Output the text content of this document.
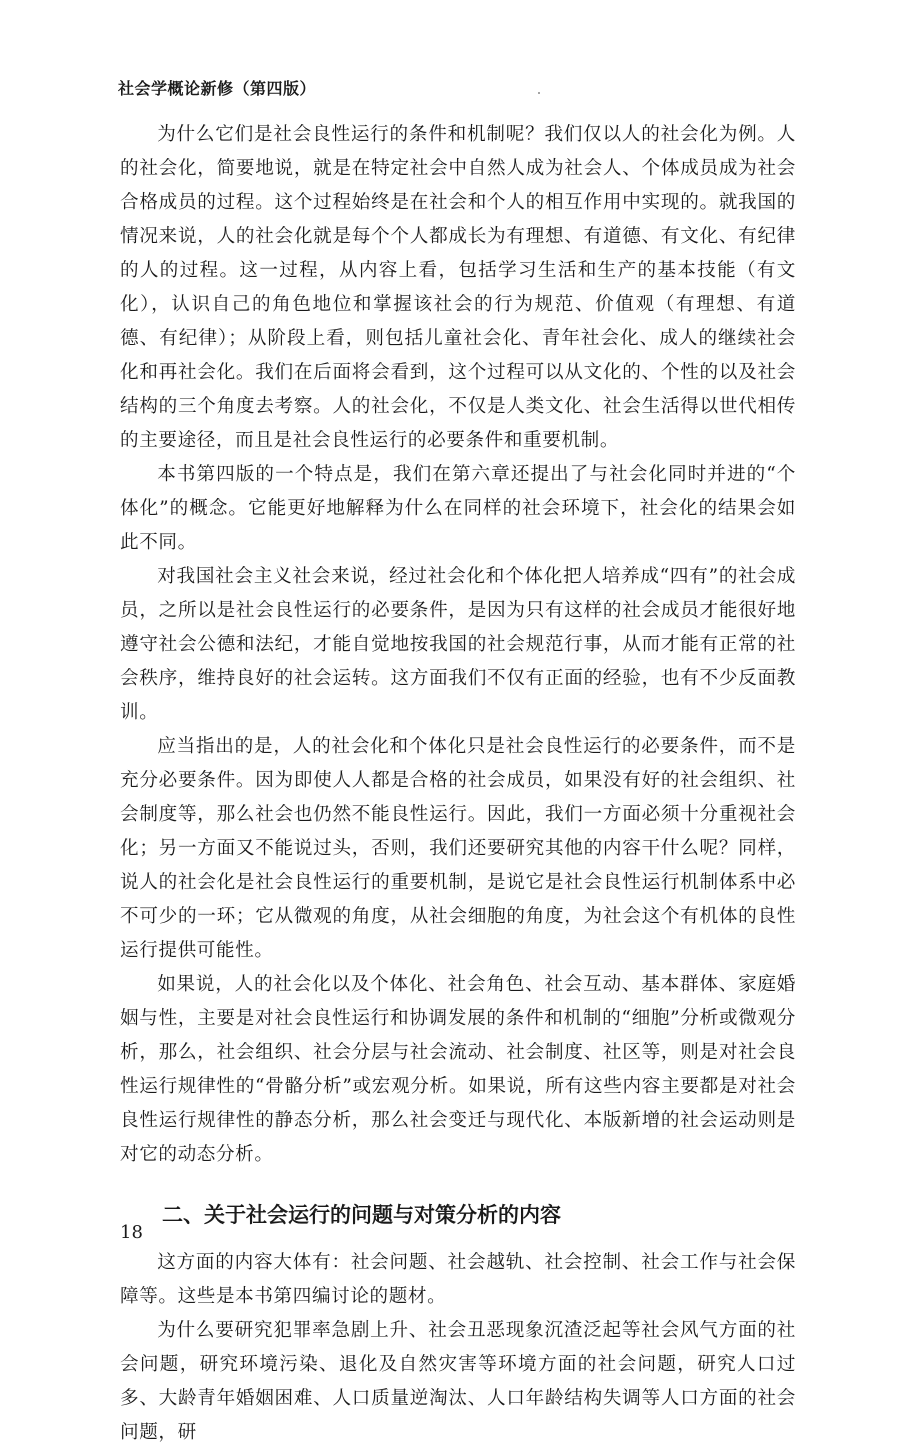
社会学概论新修（第四版）

为什么它们是社会良性运行的条件和机制呢？我们仅以人的社会化为例。人的社会化，简要地说，就是在特定社会中自然人成为社会人、个体成员成为社会合格成员的过程。这个过程始终是在社会和个人的相互作用中实现的。就我国的情况来说，人的社会化就是每个个人都成长为有理想、有道德、有文化、有纪律的人的过程。这一过程，从内容上看，包括学习生活和生产的基本技能（有文化），认识自己的角色地位和掌握该社会的行为规范、价值观（有理想、有道德、有纪律）；从阶段上看，则包括儿童社会化、青年社会化、成人的继续社会化和再社会化。我们在后面将会看到，这个过程可以从文化的、个性的以及社会结构的三个角度去考察。人的社会化，不仅是人类文化、社会生活得以世代相传的主要途径，而且是社会良性运行的必要条件和重要机制。

本书第四版的一个特点是，我们在第六章还提出了与社会化同时并进的“个体化”的概念。它能更好地解释为什么在同样的社会环境下，社会化的结果会如此不同。

对我国社会主义社会来说，经过社会化和个体化把人培养成“四有”的社会成员，之所以是社会良性运行的必要条件，是因为只有这样的社会成员才能很好地遵守社会公德和法纪，才能自觉地按我国的社会规范行事，从而才能有正常的社会秩序，维持良好的社会运转。这方面我们不仅有正面的经验，也有不少反面教训。

应当指出的是，人的社会化和个体化只是社会良性运行的必要条件，而不是充分必要条件。因为即使人人都是合格的社会成员，如果没有好的社会组织、社会制度等，那么社会也仍然不能良性运行。因此，我们一方面必须十分重视社会化；另一方面又不能说过头，否则，我们还要研究其他的内容干什么呢？同样，说人的社会化是社会良性运行的重要机制，是说它是社会良性运行机制体系中必不可少的一环；它从微观的角度，从社会细胞的角度，为社会这个有机体的良性运行提供可能性。

如果说，人的社会化以及个体化、社会角色、社会互动、基本群体、家庭婚姻与性，主要是对社会良性运行和协调发展的条件和机制的“细胞”分析或微观分析，那么，社会组织、社会分层与社会流动、社会制度、社区等，则是对社会良性运行规律性的“骨骼分析”或宏观分析。如果说，所有这些内容主要都是对社会良性运行规律性的静态分析，那么社会变迁与现代化、本版新增的社会运动则是对它的动态分析。

二、关于社会运行的问题与对策分析的内容

这方面的内容大体有：社会问题、社会越轨、社会控制、社会工作与社会保障等。这些是本书第四编讨论的题材。

为什么要研究犯罪率急剧上升、社会丑恶现象沉渣泛起等社会风气方面的社会问题，研究环境污染、退化及自然灾害等环境方面的社会问题，研究人口过多、大龄青年婚姻困难、人口质量逆淘汰、人口年龄结构失调等人口方面的社会问题，研

18
